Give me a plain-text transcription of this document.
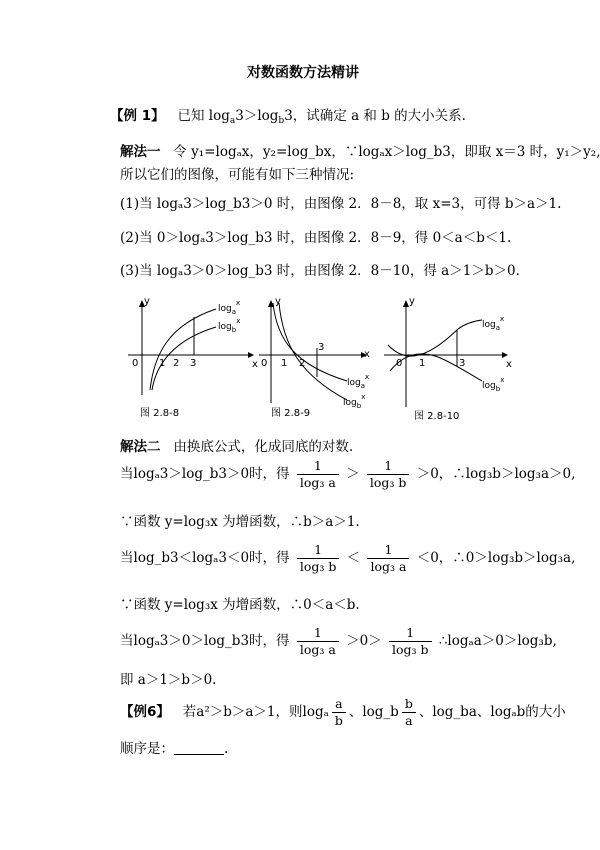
对数函数方法精讲
【例 1】 已知 $\log_a3>\log_b3$，试确定 a 和 b 的大小关系.
解法一 令 y₁=logₐx，y₂=log_bx，∵logₐx＞log_b3，即取 x＝3 时，y₁＞y₂,
所以它们的图像，可能有如下三种情况:
(1)当 logₐ3＞log_b3＞0 时，由图像 2．8－8，取 x=3，可得 b＞a＞1.
(2)当 0＞logₐ3＞log_b3 时，由图像 2．8－9，得 0＜a＜b＜1.
(3)当 logₐ3＞0＞log_b3 时，由图像 2．8－10，得 a＞1＞b＞0.
y
x
0 1 2 3
$\log_a^x$
$\log_b^x$
图 2.8-8
y
x
0 1 2
3
$\log_a^x$
$\log_b^x$
图 2.8-9
y
x
0 1	3
$\log_a^x$
$\log_b^x$
图 2.8-10
解法二 由换底公式，化成同底的对数.
当logₐ3＞log_b3＞0时，得 $\frac{1}{\text{log₃ a}} > \frac{1}{\text{log₃ b}} >0$，∴log₃b＞log₃a＞0,
∵函数 y=log₃x 为增函数，∴b＞a＞1.
当log_b3＜logₐ3＜0时，得 $\frac{1}{\text{log₃ b}} < \frac{1}{\text{log₃ a}} <0$，∴0＞log₃b＞log₃a,
∵函数 y=log₃x 为增函数，∴0＜a＜b.
当logₐ3＞0＞log_b3时，得 $\frac{1}{\text{log₃ a}} >0> \frac{1}{\text{log₃ b}}$ ∴logₐa＞0＞log₃b,
即 a＞1＞b＞0.
【例6】 若a²＞b＞a＞1，则logₐ $\frac{a}{b}$ 、log_b $\frac{b}{a}$ 、log_ba、logₐb的大小
顺序是：	.
